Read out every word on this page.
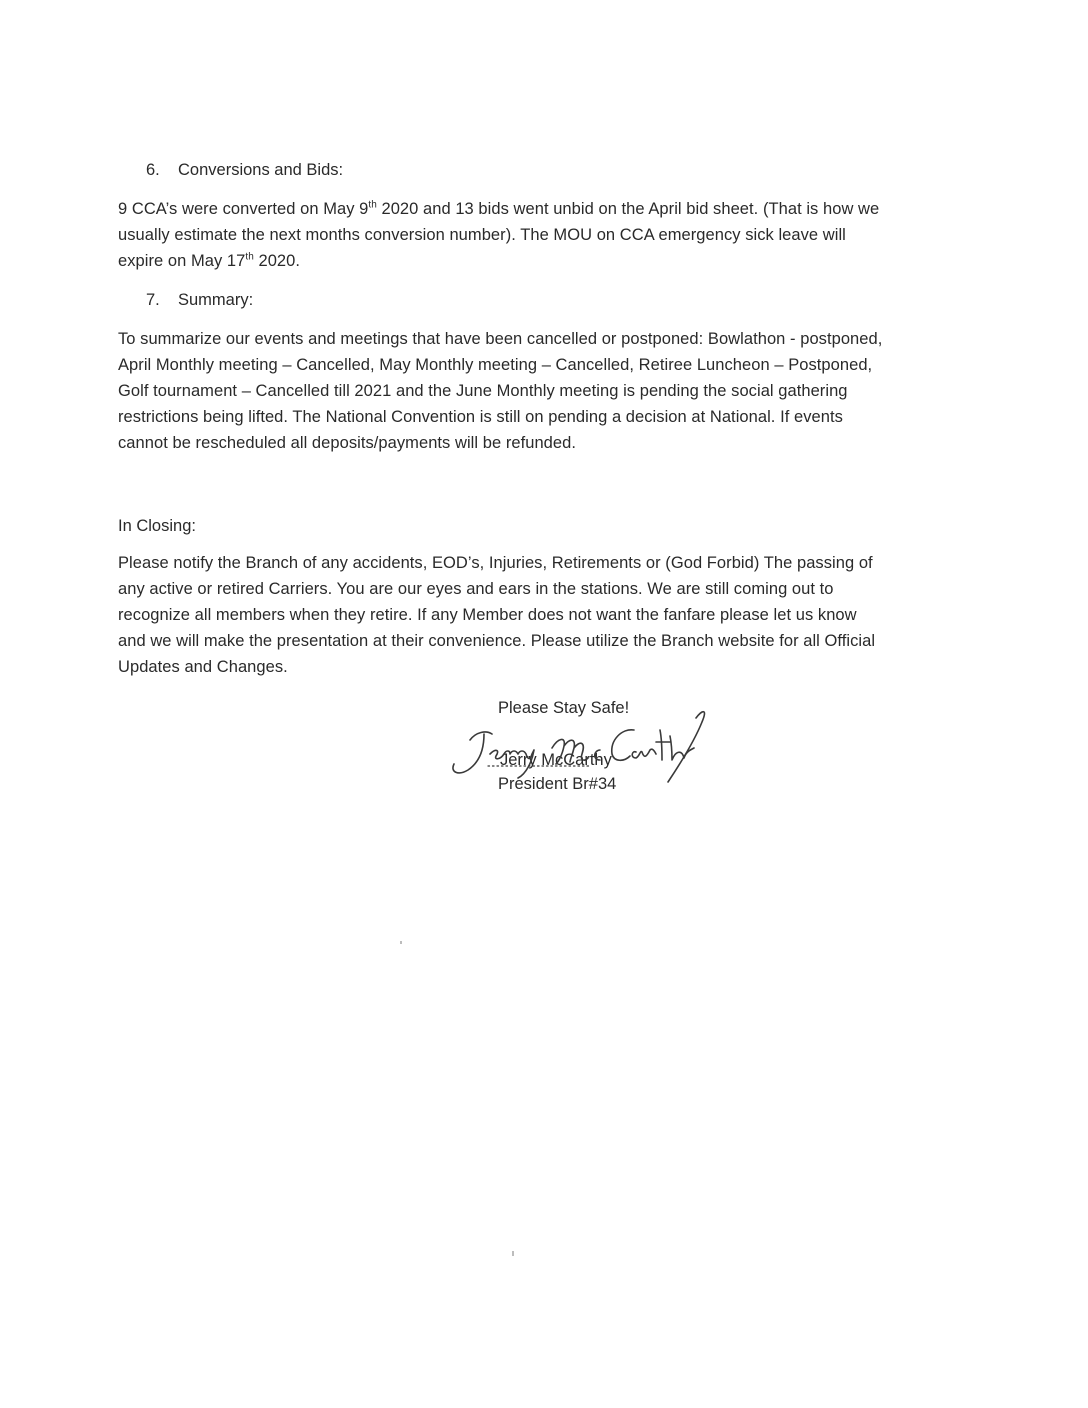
6. Conversions and Bids:
9 CCA’s were converted on May 9th 2020 and 13 bids went unbid on the April bid sheet. (That is how we
usually estimate the next months conversion number). The MOU on CCA emergency sick leave will
expire on May 17th 2020.
7. Summary:
To summarize our events and meetings that have been cancelled or postponed: Bowlathon - postponed,
April Monthly meeting – Cancelled, May Monthly meeting – Cancelled, Retiree Luncheon – Postponed,
Golf tournament – Cancelled till 2021 and the June Monthly meeting is pending the social gathering
restrictions being lifted. The National Convention is still on pending a decision at National. If events
cannot be rescheduled all deposits/payments will be refunded.
In Closing:
Please notify the Branch of any accidents, EOD’s, Injuries, Retirements or (God Forbid) The passing of
any active or retired Carriers. You are our eyes and ears in the stations. We are still coming out to
recognize all members when they retire. If any Member does not want the fanfare please let us know
and we will make the presentation at their convenience. Please utilize the Branch website for all Official
Updates and Changes.
Please Stay Safe!
Jerry McCarthy
President Br#34
